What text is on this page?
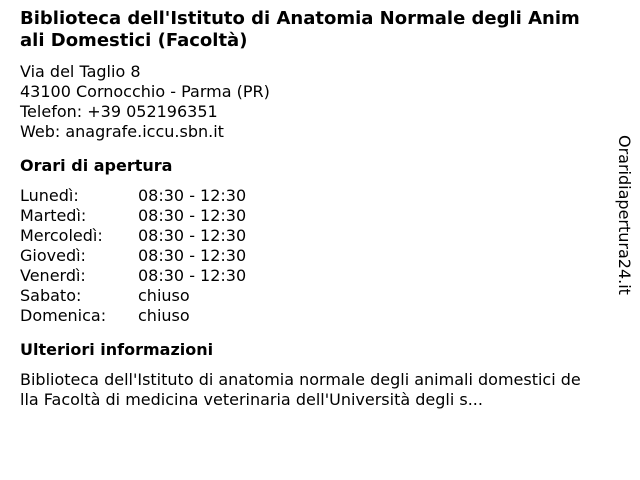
Biblioteca dell'Istituto di Anatomia Normale degli Animali Domestici (Facoltà)
Via del Taglio 8
43100 Cornocchio - Parma (PR)
Telefon: +39 052196351
Web: anagrafe.iccu.sbn.it
Orari di apertura
Lunedì:	08:30 - 12:30
Martedì:	08:30 - 12:30
Mercoledì:	08:30 - 12:30
Giovedì:	08:30 - 12:30
Venerdì:	08:30 - 12:30
Sabato:	chiuso
Domenica:	chiuso
Ulteriori informazioni
Biblioteca dell'Istituto di anatomia normale degli animali domestici della Facoltà di medicina veterinaria dell'Università degli s...
Oraridiapertura24.it
